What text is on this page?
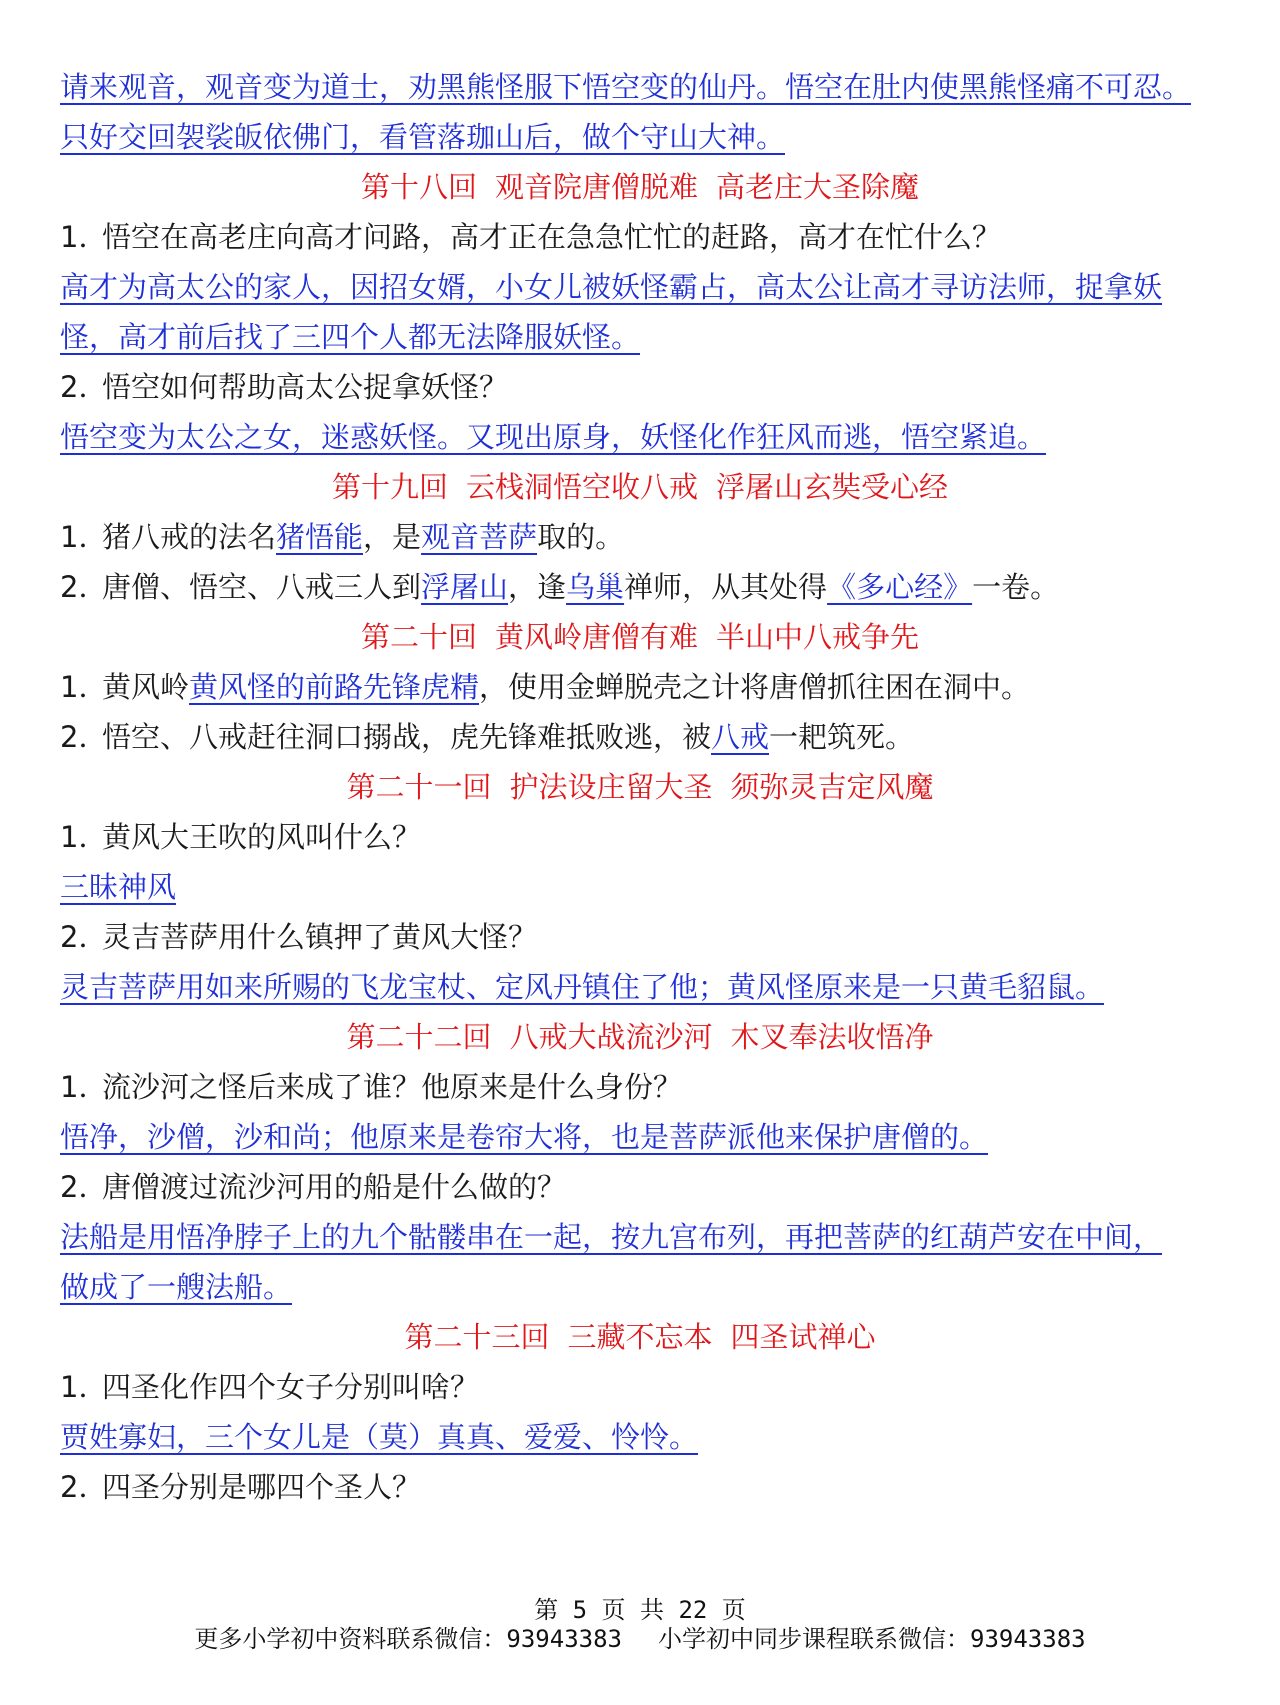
请来观音，观音变为道士，劝黑熊怪服下悟空变的仙丹。悟空在肚内使黑熊怪痛不可忍。
只好交回袈裟皈依佛门，看管落珈山后，做个守山大神。
第十八回 观音院唐僧脱难 高老庄大圣除魔
1．悟空在高老庄向高才问路，高才正在急急忙忙的赶路，高才在忙什么？
高才为高太公的家人，因招女婿，小女儿被妖怪霸占，高太公让高才寻访法师，捉拿妖
怪，高才前后找了三四个人都无法降服妖怪。
2．悟空如何帮助高太公捉拿妖怪？
悟空变为太公之女，迷惑妖怪。又现出原身，妖怪化作狂风而逃，悟空紧追。
第十九回 云栈洞悟空收八戒 浮屠山玄奘受心经
1．猪八戒的法名猪悟能，是观音菩萨取的。
2．唐僧、悟空、八戒三人到浮屠山，逢乌巢禅师，从其处得《多心经》一卷。
第二十回 黄风岭唐僧有难 半山中八戒争先
1．黄风岭黄风怪的前路先锋虎精，使用金蝉脱壳之计将唐僧抓往困在洞中。
2．悟空、八戒赶往洞口搦战，虎先锋难抵败逃，被八戒一耙筑死。
第二十一回 护法设庄留大圣 须弥灵吉定风魔
1．黄风大王吹的风叫什么？
三昧神风
2．灵吉菩萨用什么镇押了黄风大怪？
灵吉菩萨用如来所赐的飞龙宝杖、定风丹镇住了他；黄风怪原来是一只黄毛貂鼠。
第二十二回 八戒大战流沙河 木叉奉法收悟净
1．流沙河之怪后来成了谁？他原来是什么身份？
悟净，沙僧，沙和尚；他原来是卷帘大将，也是菩萨派他来保护唐僧的。
2．唐僧渡过流沙河用的船是什么做的？
法船是用悟净脖子上的九个骷髅串在一起，按九宫布列，再把菩萨的红葫芦安在中间，
做成了一艘法船。
第二十三回 三藏不忘本 四圣试禅心
1．四圣化作四个女子分别叫啥？
贾姓寡妇，三个女儿是（莫）真真、爱爱、怜怜。
2．四圣分别是哪四个圣人？
第 5 页 共 22 页
更多小学初中资料联系微信：93943383 小学初中同步课程联系微信：93943383
